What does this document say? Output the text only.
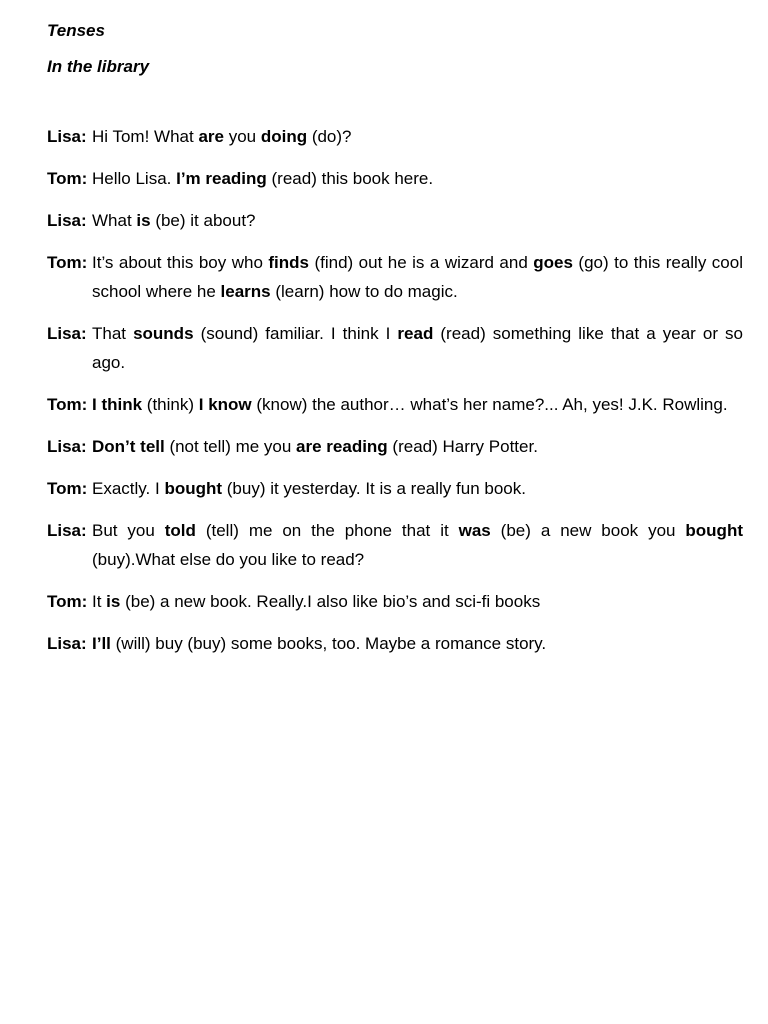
Tenses

In the library

Lisa: Hi Tom! What are you doing (do)?
Tom: Hello Lisa. I’m reading (read) this book here.
Lisa: What is (be) it about?
Tom: It’s about this boy who finds (find) out he is a wizard and goes (go) to this really cool school where he learns (learn) how to do magic.
Lisa: That sounds (sound) familiar. I think I read (read) something like that a year or so ago.
Tom: I think (think) I know (know) the author… what’s her name?... Ah, yes! J.K. Rowling.
Lisa: Don’t tell (not tell) me you are reading (read) Harry Potter.
Tom: Exactly. I bought (buy) it yesterday. It is a really fun book.
Lisa: But you told (tell) me on the phone that it was (be) a new book you bought (buy).What else do you like to read?
Tom: It is (be) a new book. Really.I also like bio’s and sci-fi books
Lisa: I’ll (will) buy (buy) some books, too. Maybe a romance story.
